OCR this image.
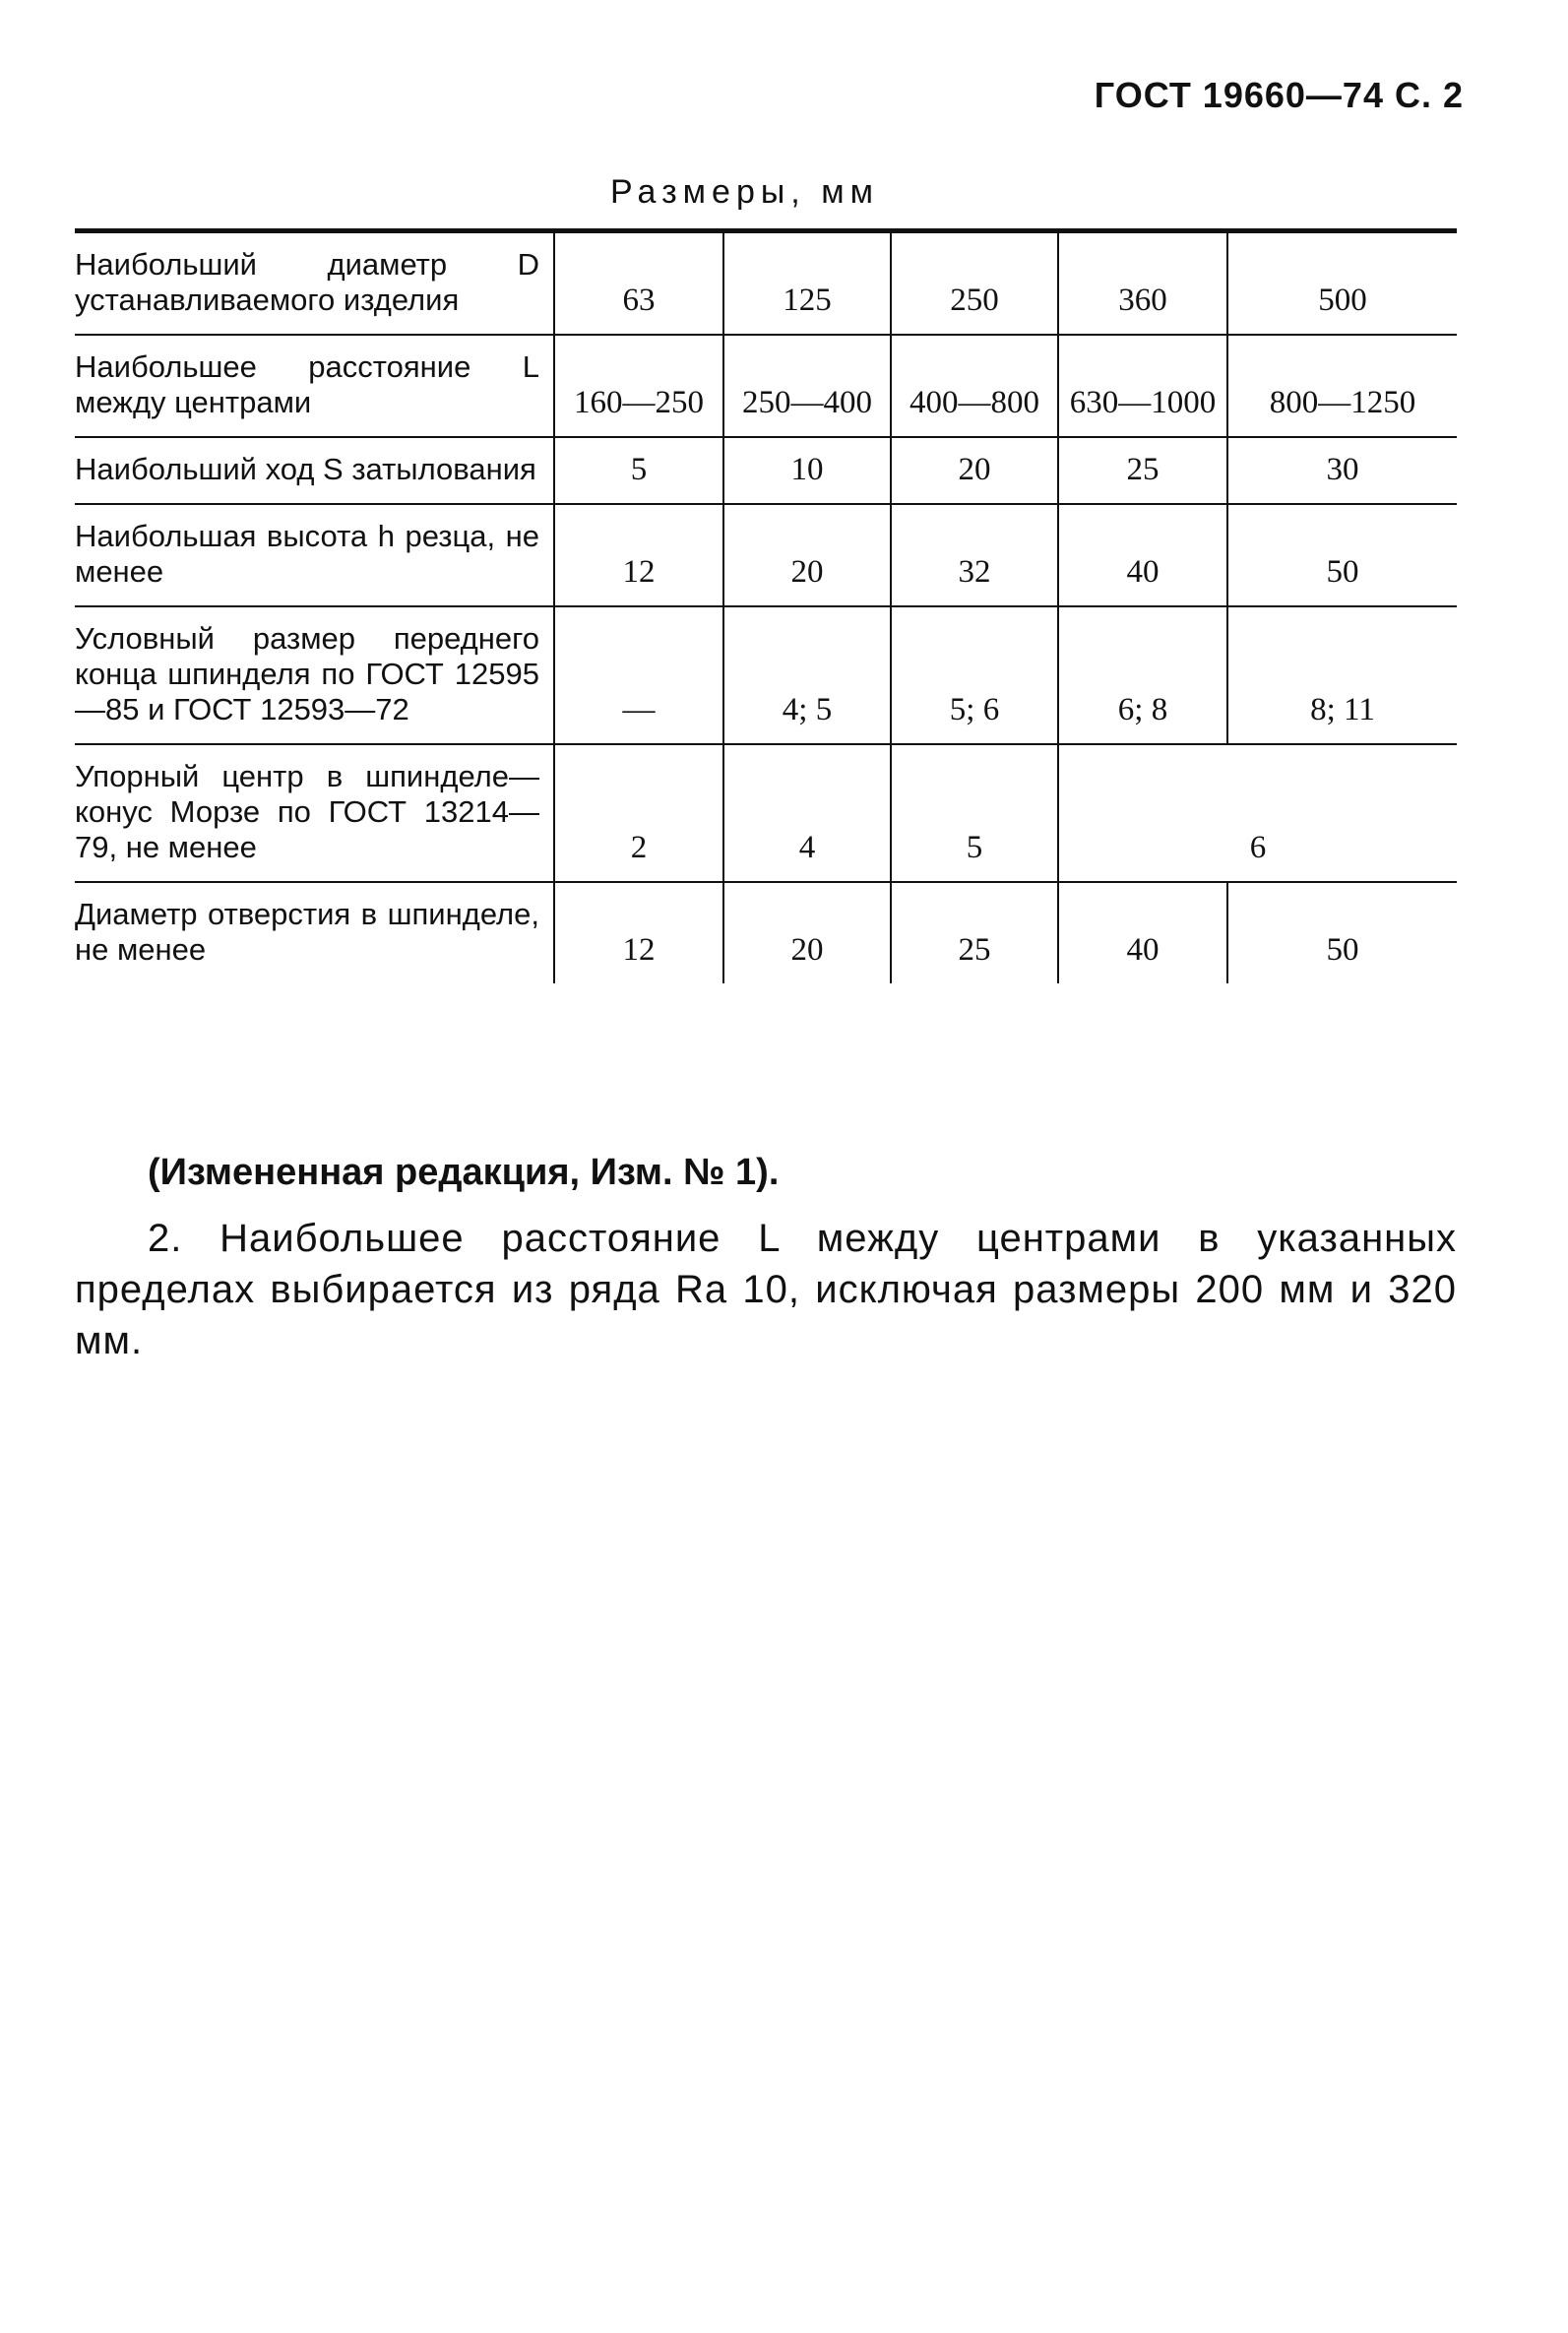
ГОСТ 19660—74 С. 2
Размеры, мм
Наибольший диаметр D устанавливаемого изделия	63	125	250	360	500
Наибольшее расстояние L между центрами	160—250	250—400	400—800	630—1000	800—1250
Наибольший ход S затылования	5	10	20	25	30
Наибольшая высота h резца, не менее	12	20	32	40	50
Условный размер переднего конца шпинделя по ГОСТ 12595—85 и ГОСТ 12593—72	—	4; 5	5; 6	6; 8	8; 11
Упорный центр в шпинделе—конус Морзе по ГОСТ 13214—79, не менее	2	4	5	6	
Диаметр отверстия в шпинделе, не менее	12	20	25	40	50
(Измененная редакция, Изм. № 1).
2. Наибольшее расстояние L между центрами в указанных пределах выбирается из ряда Ra 10, исключая размеры 200 мм и 320 мм.
